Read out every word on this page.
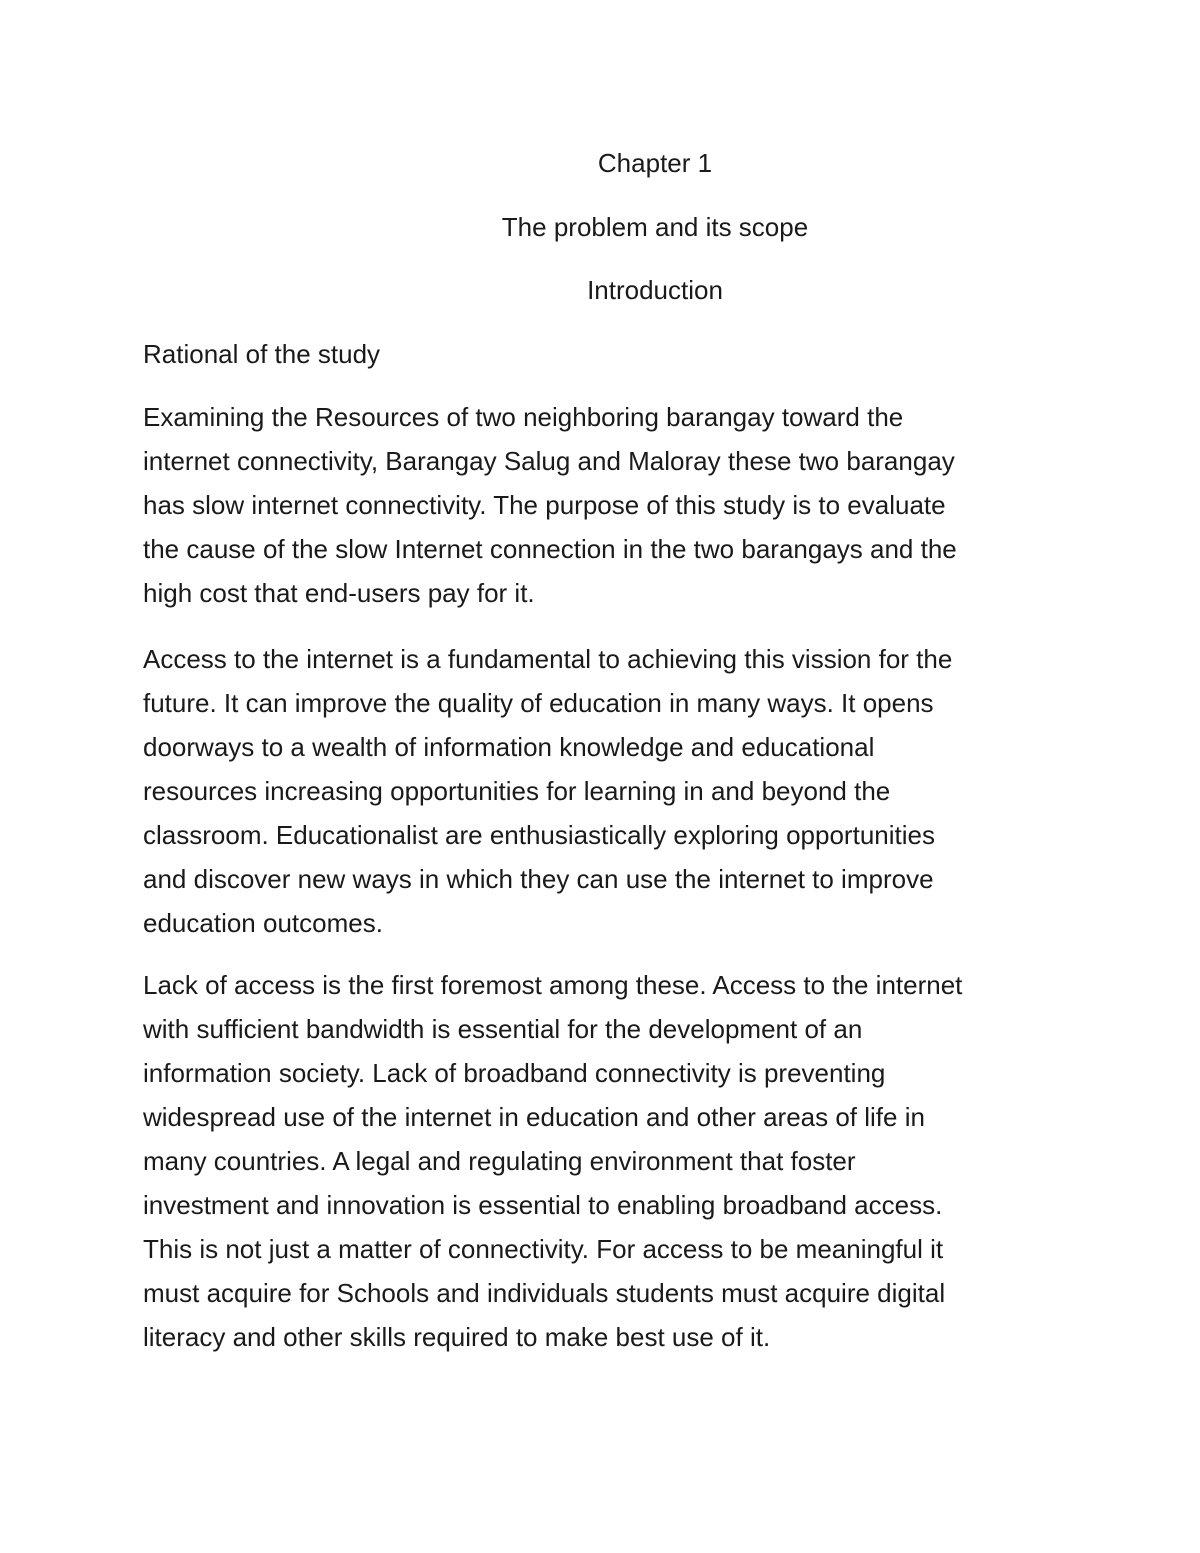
Chapter 1
The problem and its scope
Introduction
Rational of the study
Examining the Resources of two neighboring barangay toward the
internet connectivity, Barangay Salug and Maloray these two barangay
has slow internet connectivity. The purpose of this study is to evaluate
the cause of the slow Internet connection in the two barangays and the
high cost that end-users pay for it.
Access to the internet is a fundamental to achieving this vission for the
future. It can improve the quality of education in many ways. It opens
doorways to a wealth of information knowledge and educational
resources increasing opportunities for learning in and beyond the
classroom. Educationalist are enthusiastically exploring opportunities
and discover new ways in which they can use the internet to improve
education outcomes.
Lack of access is the first foremost among these. Access to the internet
with sufficient bandwidth is essential for the development of an
information society. Lack of broadband connectivity is preventing
widespread use of the internet in education and other areas of life in
many countries. A legal and regulating environment that foster
investment and innovation is essential to enabling broadband access.
This is not just a matter of connectivity. For access to be meaningful it
must acquire for Schools and individuals students must acquire digital
literacy and other skills required to make best use of it.
